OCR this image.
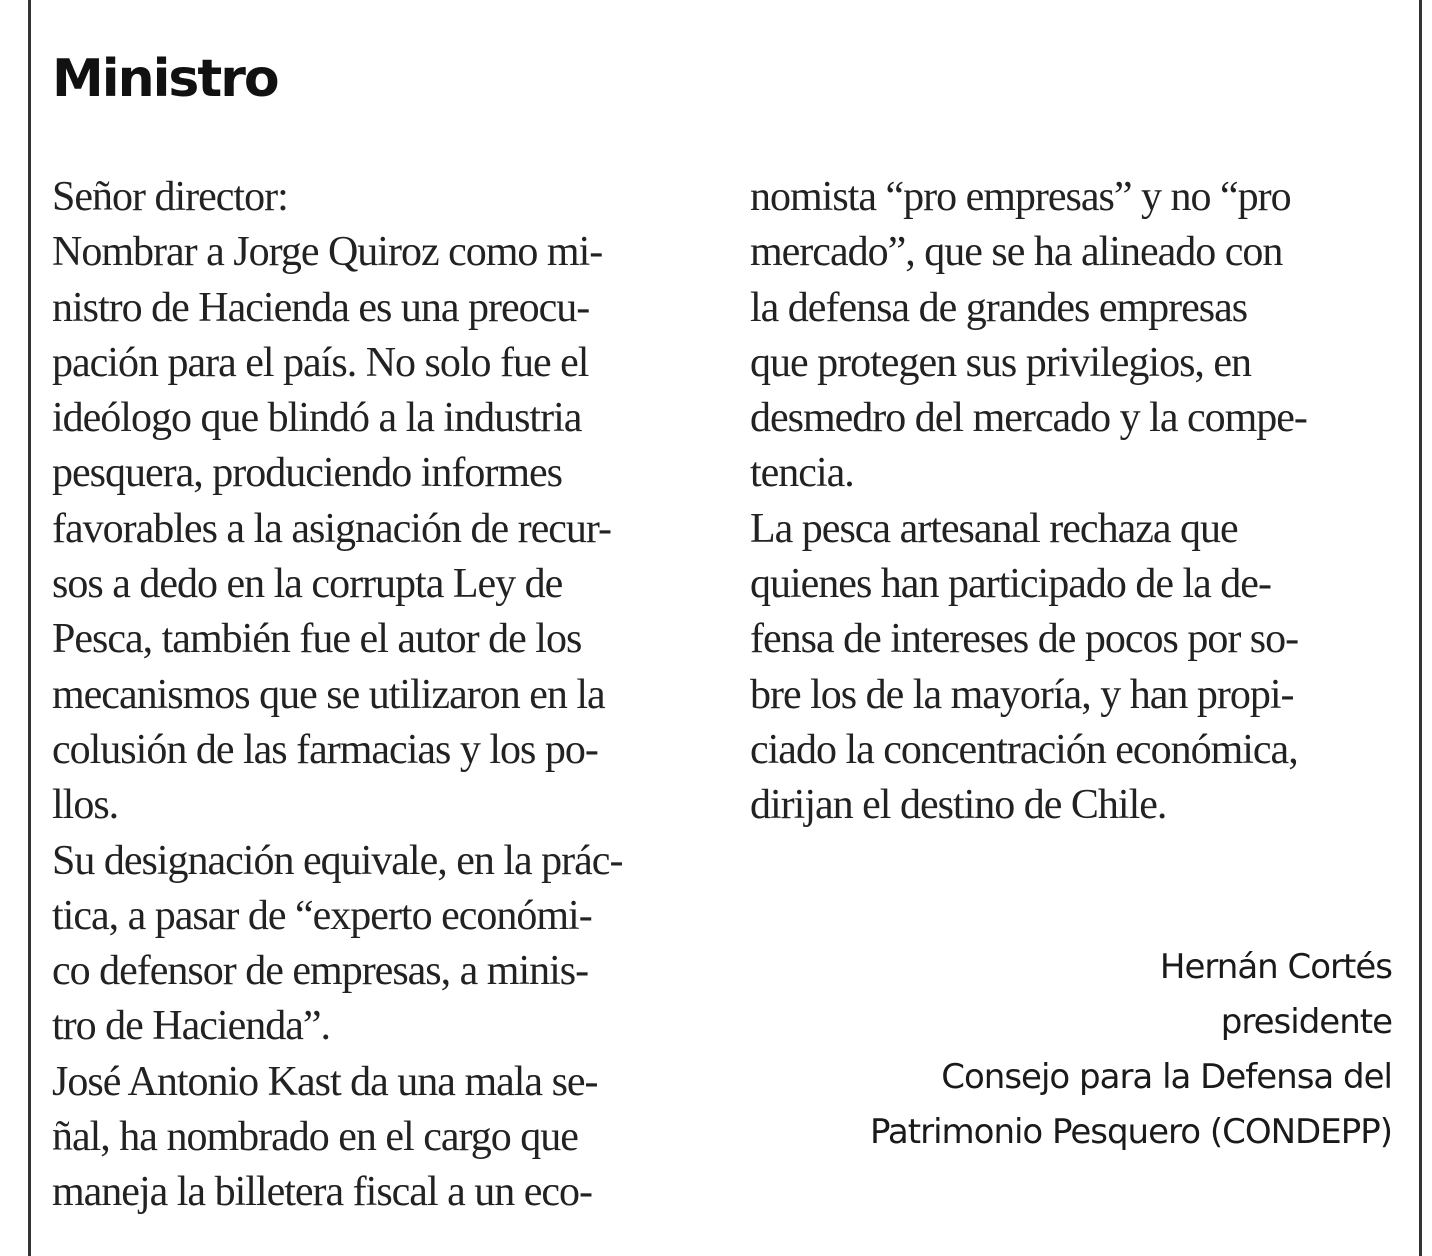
Ministro
Señor director:
Nombrar a Jorge Quiroz como mi-
nistro de Hacienda es una preocu-
pación para el país. No solo fue el
ideólogo que blindó a la industria
pesquera, produciendo informes
favorables a la asignación de recur-
sos a dedo en la corrupta Ley de
Pesca, también fue el autor de los
mecanismos que se utilizaron en la
colusión de las farmacias y los po-
llos.
Su designación equivale, en la prác-
tica, a pasar de “experto económi-
co defensor de empresas, a minis-
tro de Hacienda”.
José Antonio Kast da una mala se-
ñal, ha nombrado en el cargo que
maneja la billetera fiscal a un eco-
nomista “pro empresas” y no “pro
mercado”, que se ha alineado con
la defensa de grandes empresas
que protegen sus privilegios, en
desmedro del mercado y la compe-
tencia.
La pesca artesanal rechaza que
quienes han participado de la de-
fensa de intereses de pocos por so-
bre los de la mayoría, y han propi-
ciado la concentración económica,
dirijan el destino de Chile.
Hernán Cortés
presidente
Consejo para la Defensa del
Patrimonio Pesquero (CONDEPP)
